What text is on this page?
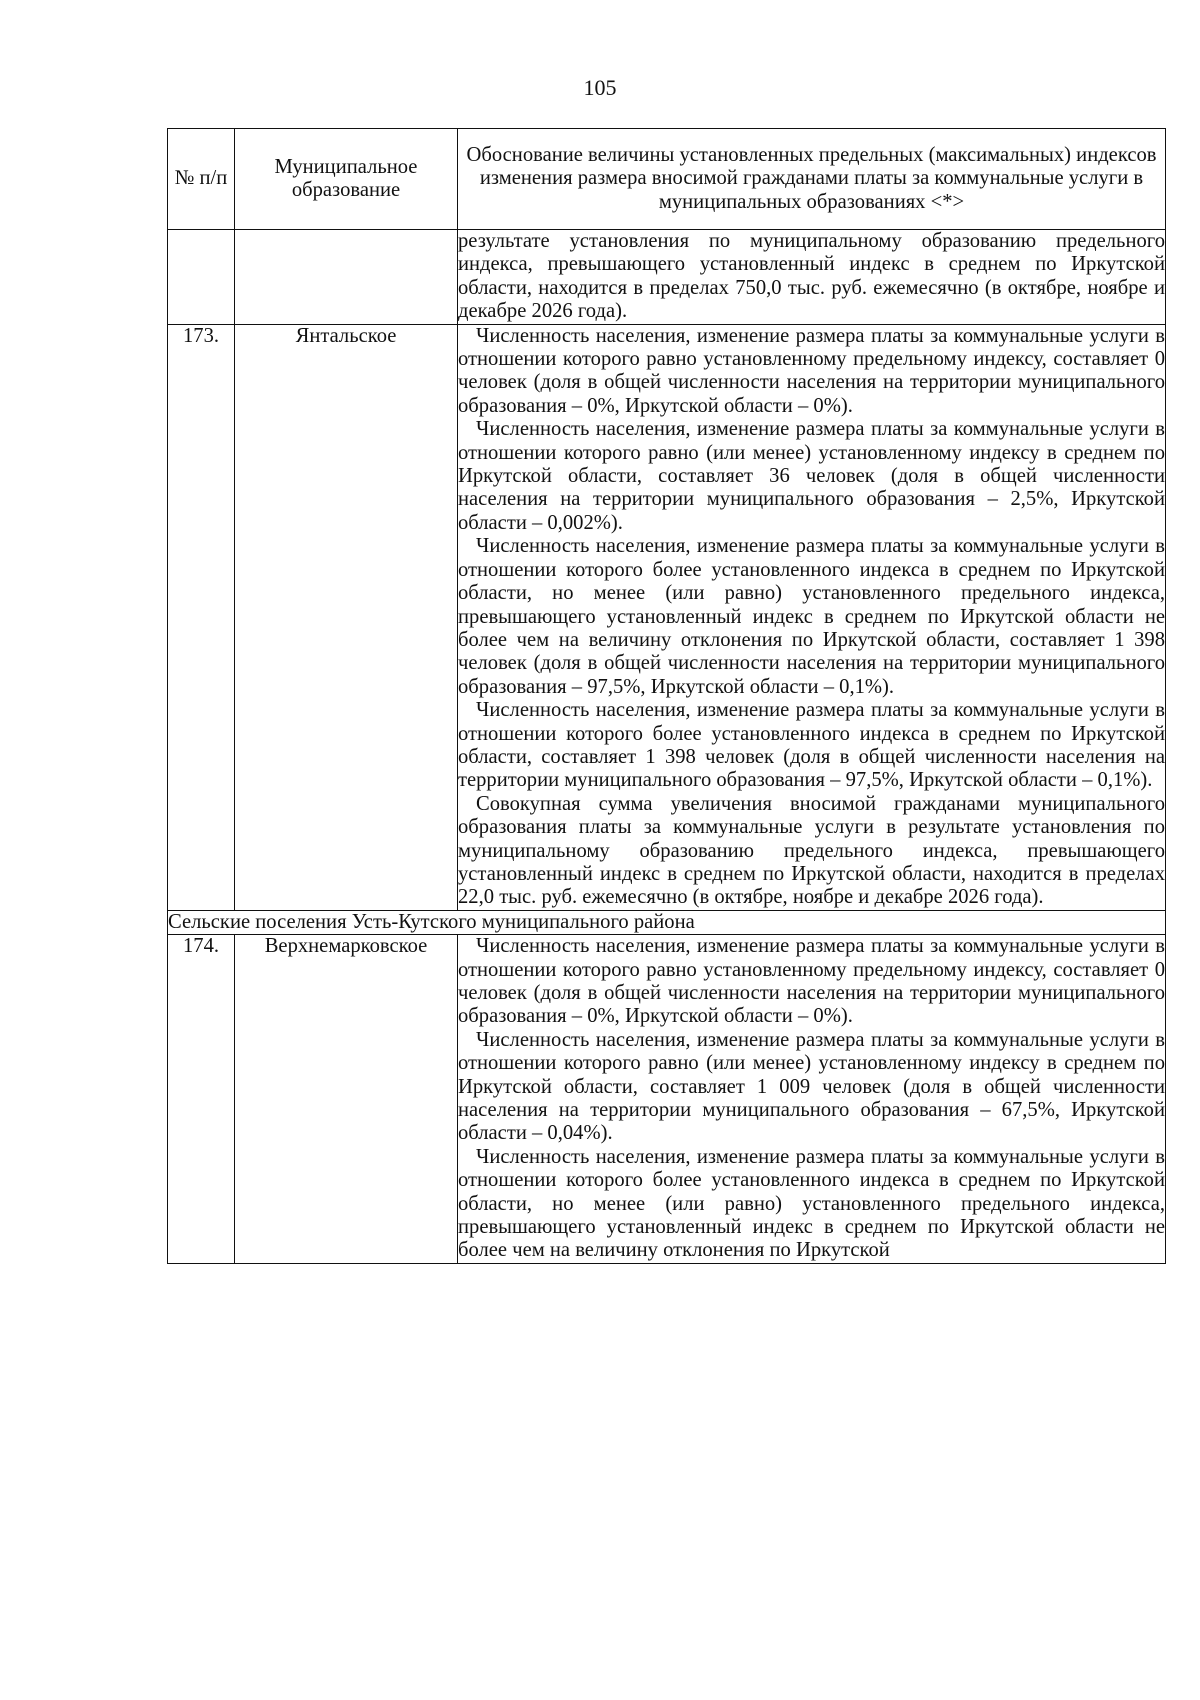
105
№ п/п	Муниципальное образование	Обоснование величины установленных предельных (максимальных) индексов изменения размера вносимой гражданами платы за коммунальные услуги в муниципальных образованиях <*>

		результате установления по муниципальному образованию предельного индекса, превышающего установленный индекс в среднем по Иркутской области, находится в пределах 750,0 тыс. руб. ежемесячно (в октябре, ноябре и декабре 2026 года).

173.	Янтальское	Численность населения, изменение размера платы за коммунальные услуги в отношении которого равно установленному предельному индексу, составляет 0 человек (доля в общей численности населения на территории муниципального образования – 0%, Иркутской области – 0%).

Численность населения, изменение размера платы за коммунальные услуги в отношении которого равно (или менее) установленному индексу в среднем по Иркутской области, составляет 36 человек (доля в общей численности населения на территории муниципального образования – 2,5%, Иркутской области – 0,002%).

Численность населения, изменение размера платы за коммунальные услуги в отношении которого более установленного индекса в среднем по Иркутской области, но менее (или равно) установленного предельного индекса, превышающего установленный индекс в среднем по Иркутской области не более чем на величину отклонения по Иркутской области, составляет 1 398 человек (доля в общей численности населения на территории муниципального образования – 97,5%, Иркутской области – 0,1%).

Численность населения, изменение размера платы за коммунальные услуги в отношении которого более установленного индекса в среднем по Иркутской области, составляет 1 398 человек (доля в общей численности населения на территории муниципального образования – 97,5%, Иркутской области – 0,1%).

Совокупная сумма увеличения вносимой гражданами муниципального образования платы за коммунальные услуги в результате установления по муниципальному образованию предельного индекса, превышающего установленный индекс в среднем по Иркутской области, находится в пределах 22,0 тыс. руб. ежемесячно (в октябре, ноябре и декабре 2026 года).

Сельские поселения Усть-Кутского муниципального района		
174.	Верхнемарковское	Численность населения, изменение размера платы за коммунальные услуги в отношении которого равно установленному предельному индексу, составляет 0 человек (доля в общей численности населения на территории муниципального образования – 0%, Иркутской области – 0%).

Численность населения, изменение размера платы за коммунальные услуги в отношении которого равно (или менее) установленному индексу в среднем по Иркутской области, составляет 1 009 человек (доля в общей численности населения на территории муниципального образования – 67,5%, Иркутской области – 0,04%).

Численность населения, изменение размера платы за коммунальные услуги в отношении которого более установленного индекса в среднем по Иркутской области, но менее (или равно) установленного предельного индекса, превышающего установленный индекс в среднем по Иркутской области не более чем на величину отклонения по Иркутской
